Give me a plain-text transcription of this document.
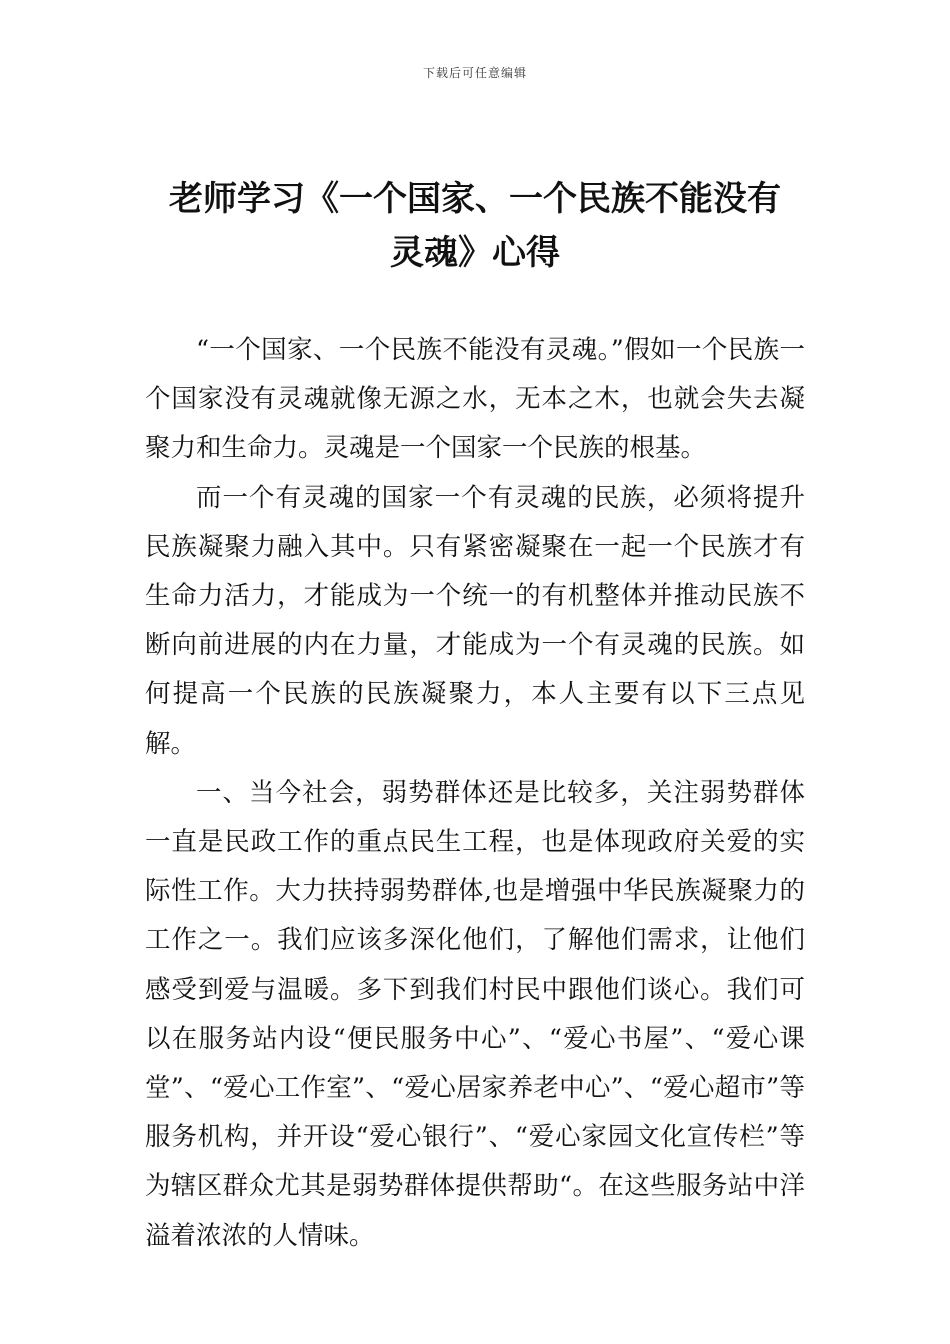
下载后可任意编辑
老师学习《一个国家、一个民族不能没有
灵魂》心得

“一个国家、一个民族不能没有灵魂。”假如一个民族一个国家没有灵魂就像无源之水，无本之木，也就会失去凝聚力和生命力。灵魂是一个国家一个民族的根基。

而一个有灵魂的国家一个有灵魂的民族，必须将提升民族凝聚力融入其中。只有紧密凝聚在一起一个民族才有生命力活力，才能成为一个统一的有机整体并推动民族不断向前进展的内在力量，才能成为一个有灵魂的民族。如何提高一个民族的民族凝聚力，本人主要有以下三点见解。

一、当今社会，弱势群体还是比较多，关注弱势群体一直是民政工作的重点民生工程，也是体现政府关爱的实际性工作。大力扶持弱势群体,也是增强中华民族凝聚力的工作之一。我们应该多深化他们，了解他们需求，让他们感受到爱与温暖。多下到我们村民中跟他们谈心。我们可以在服务站内设“便民服务中心”、“爱心书屋”、“爱心课堂”、“爱心工作室”、“爱心居家养老中心”、“爱心超市”等服务机构，并开设“爱心银行”、“爱心家园文化宣传栏”等为辖区群众尤其是弱势群体提供帮助“。在这些服务站中洋溢着浓浓的人情味。
